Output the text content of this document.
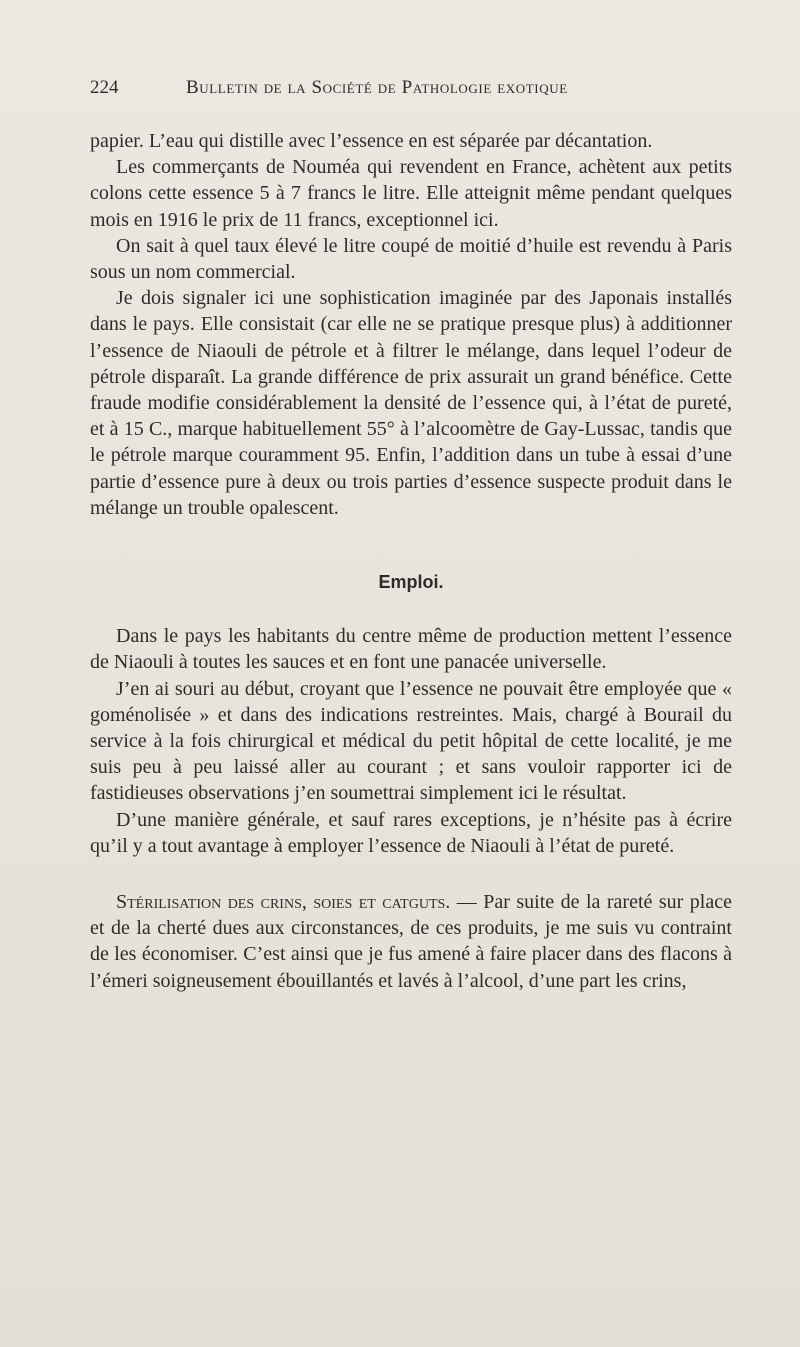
224	Bulletin de la Société de Pathologie exotique

papier. L’eau qui distille avec l’essence en est séparée par décantation.

Les commerçants de Nouméa qui revendent en France, achètent aux petits colons cette essence 5 à 7 francs le litre. Elle atteignit même pendant quelques mois en 1916 le prix de 11 francs, exceptionnel ici.

On sait à quel taux élevé le litre coupé de moitié d’huile est revendu à Paris sous un nom commercial.

Je dois signaler ici une sophistication imaginée par des Japonais installés dans le pays. Elle consistait (car elle ne se pratique presque plus) à additionner l’essence de Niaouli de pétrole et à filtrer le mélange, dans lequel l’odeur de pétrole disparaît. La grande différence de prix assurait un grand bénéfice. Cette fraude modifie considérablement la densité de l’essence qui, à l’état de pureté, et à 15 C., marque habituellement 55° à l’alcoomètre de Gay-Lussac, tandis que le pétrole marque couramment 95. Enfin, l’addition dans un tube à essai d’une partie d’essence pure à deux ou trois parties d’essence suspecte produit dans le mélange un trouble opalescent.

Emploi.

Dans le pays les habitants du centre même de production mettent l’essence de Niaouli à toutes les sauces et en font une panacée universelle.

J’en ai souri au début, croyant que l’essence ne pouvait être employée que « goménolisée » et dans des indications restreintes. Mais, chargé à Bourail du service à la fois chirurgical et médical du petit hôpital de cette localité, je me suis peu à peu laissé aller au courant ; et sans vouloir rapporter ici de fastidieuses observations j’en soumettrai simplement ici le résultat.

D’une manière générale, et sauf rares exceptions, je n’hésite pas à écrire qu’il y a tout avantage à employer l’essence de Niaouli à l’état de pureté.

Stérilisation des crins, soies et catguts. — Par suite de la rareté sur place et de la cherté dues aux circonstances, de ces produits, je me suis vu contraint de les économiser. C’est ainsi que je fus amené à faire placer dans des flacons à l’émeri soigneusement ébouillantés et lavés à l’alcool, d’une part les crins,
